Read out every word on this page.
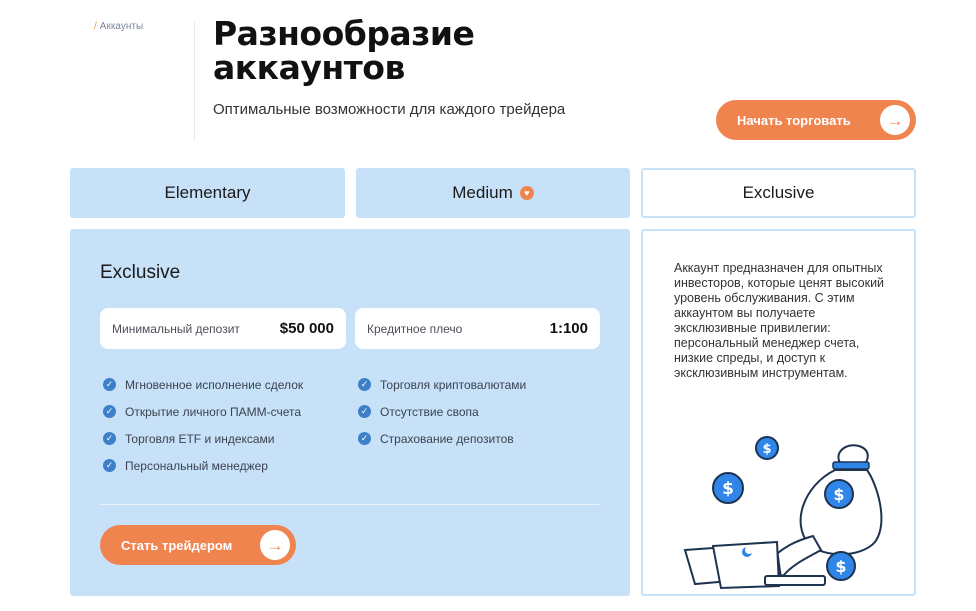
/ Аккаунты Разнообразие аккаунтов
Оптимальные возможности для каждого трейдера
Начать торговать	→
Elementary	Medium	♥	Exclusive
Exclusive
Минимальный депозит	$50 000	Кредитное плечо	1:100
✓ Мгновенное исполнение сделок
✓ Открытие личного ПАММ-счета
✓ Торговля ETF и индексами
✓ Персональный менеджер
✓ Торговля криптовалютами
✓ Отсутствие свопа
✓ Страхование депозитов
Стать трейдером	→
Аккаунт предназначен для опытных инвесторов, которые ценят высокий уровень обслуживания. С этим аккаунтом вы получаете эксклюзивные привилегии: персональный менеджер счета, низкие спреды, и доступ к эксклюзивным инструментам.
$
$	$
$
